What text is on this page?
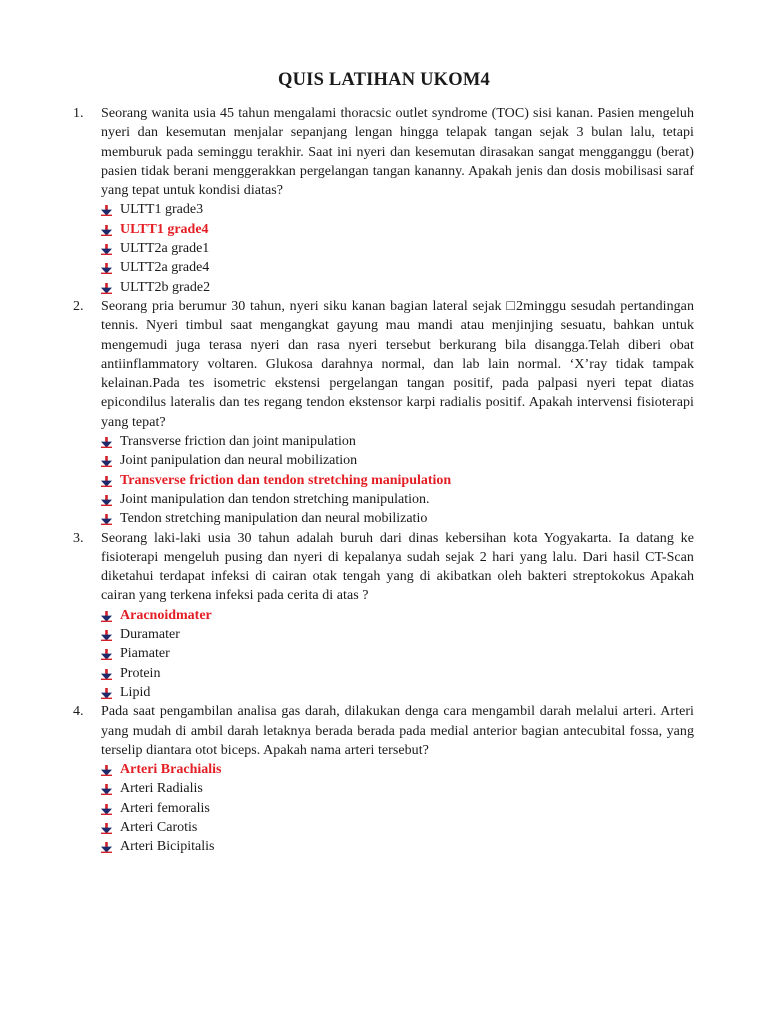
QUIS LATIHAN UKOM4
1. Seorang wanita usia 45 tahun mengalami thoracsic outlet syndrome (TOC) sisi kanan. Pasien mengeluh nyeri dan kesemutan menjalar sepanjang lengan hingga telapak tangan sejak 3 bulan lalu, tetapi memburuk pada seminggu terakhir. Saat ini nyeri dan kesemutan dirasakan sangat mengganggu (berat) pasien tidak berani menggerakkan pergelangan tangan kananny. Apakah jenis dan dosis mobilisasi saraf yang tepat untuk kondisi diatas?
ULTT1 grade3
ULTT1 grade4
ULTT2a grade1
ULTT2a grade4
ULTT2b grade2
2. Seorang pria berumur 30 tahun, nyeri siku kanan bagian lateral sejak □2minggu sesudah pertandingan tennis. Nyeri timbul saat mengangkat gayung mau mandi atau menjinjing sesuatu, bahkan untuk mengemudi juga terasa nyeri dan rasa nyeri tersebut berkurang bila disangga.Telah diberi obat antiinflammatory voltaren. Glukosa darahnya normal, dan lab lain normal. ‘X’ray tidak tampak kelainan.Pada tes isometric ekstensi pergelangan tangan positif, pada palpasi nyeri tepat diatas epicondilus lateralis dan tes regang tendon ekstensor karpi radialis positif. Apakah intervensi fisioterapi yang tepat?
Transverse friction dan joint manipulation
Joint panipulation dan neural mobilization
Transverse friction dan tendon stretching manipulation
Joint manipulation dan tendon stretching manipulation.
Tendon stretching manipulation dan neural mobilizatio
3. Seorang laki-laki usia 30 tahun adalah buruh dari dinas kebersihan kota Yogyakarta. Ia datang ke fisioterapi mengeluh pusing dan nyeri di kepalanya sudah sejak 2 hari yang lalu. Dari hasil CT-Scan diketahui terdapat infeksi di cairan otak tengah yang di akibatkan oleh bakteri streptokokus Apakah cairan yang terkena infeksi pada cerita di atas ?
Aracnoidmater
Duramater
Piamater
Protein
Lipid
4. Pada saat pengambilan analisa gas darah, dilakukan denga cara mengambil darah melalui arteri. Arteri yang mudah di ambil darah letaknya berada berada pada medial anterior bagian antecubital fossa, yang terselip diantara otot biceps. Apakah nama arteri tersebut?
Arteri Brachialis
Arteri Radialis
Arteri femoralis
Arteri Carotis
Arteri Bicipitalis
